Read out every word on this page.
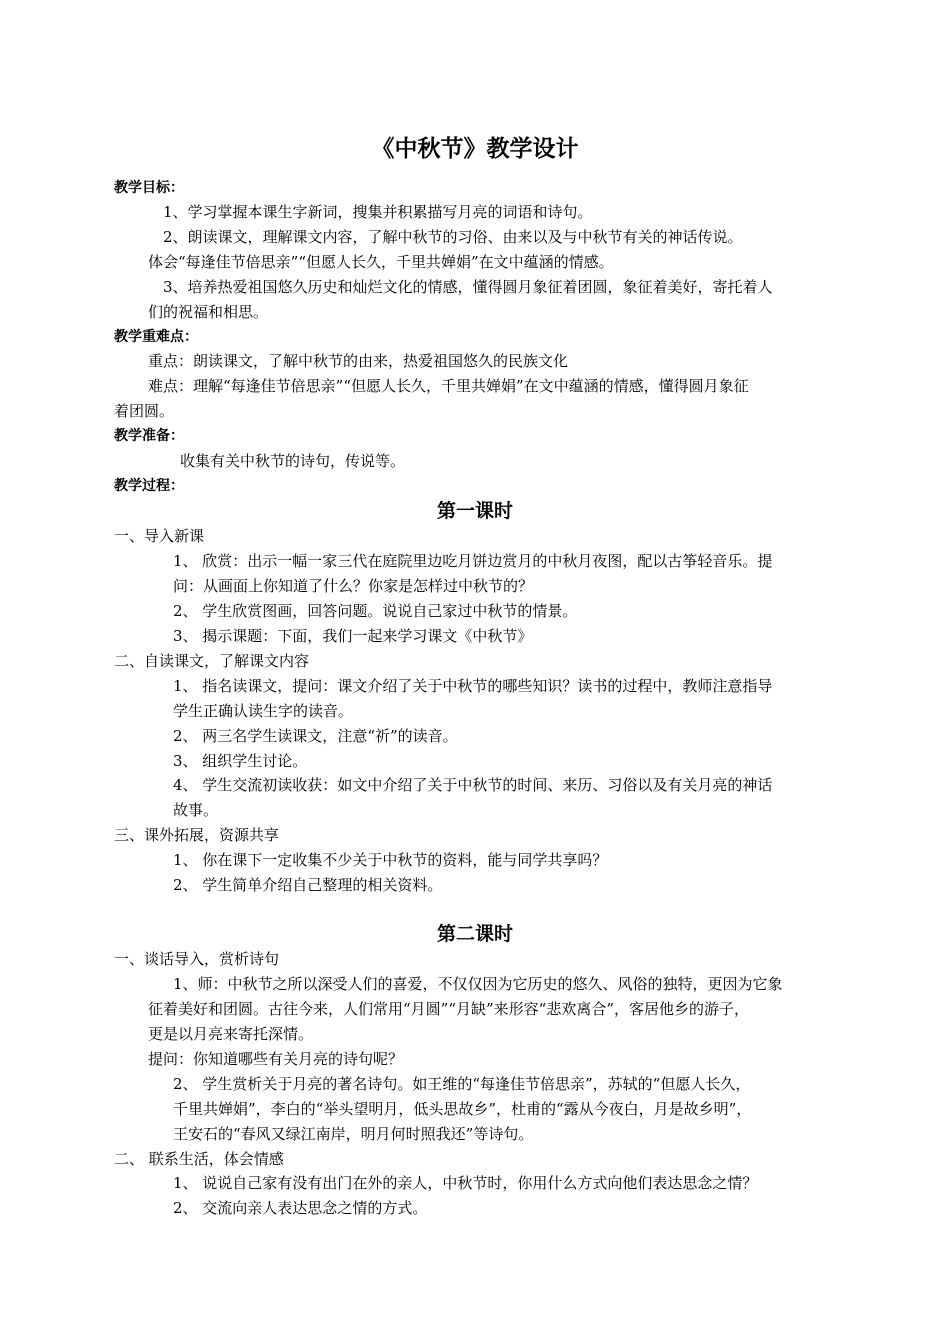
《中秋节》教学设计
教学目标：
1、学习掌握本课生字新词，搜集并积累描写月亮的词语和诗句。
2、朗读课文，理解课文内容，了解中秋节的习俗、由来以及与中秋节有关的神话传说。
体会“每逢佳节倍思亲”“但愿人长久，千里共婵娟”在文中蕴涵的情感。
3、培养热爱祖国悠久历史和灿烂文化的情感，懂得圆月象征着团圆，象征着美好，寄托着人
们的祝福和相思。
教学重难点：
重点：朗读课文，了解中秋节的由来，热爱祖国悠久的民族文化
难点：理解“每逢佳节倍思亲”“但愿人长久，千里共婵娟”在文中蕴涵的情感，懂得圆月象征
着团圆。
教学准备：
收集有关中秋节的诗句，传说等。
教学过程：
第一课时
一、导入新课
1、 欣赏：出示一幅一家三代在庭院里边吃月饼边赏月的中秋月夜图，配以古筝轻音乐。提
问：从画面上你知道了什么？你家是怎样过中秋节的？
2、 学生欣赏图画，回答问题。说说自己家过中秋节的情景。
3、 揭示课题：下面，我们一起来学习课文《中秋节》
二、自读课文，了解课文内容
1、 指名读课文，提问：课文介绍了关于中秋节的哪些知识？读书的过程中，教师注意指导
学生正确认读生字的读音。
2、 两三名学生读课文，注意“祈”的读音。
3、 组织学生讨论。
4、 学生交流初读收获：如文中介绍了关于中秋节的时间、来历、习俗以及有关月亮的神话
故事。
三、课外拓展，资源共享
1、 你在课下一定收集不少关于中秋节的资料，能与同学共享吗？
2、 学生简单介绍自己整理的相关资料。
第二课时
一、谈话导入，赏析诗句
1、师：中秋节之所以深受人们的喜爱，不仅仅因为它历史的悠久、风俗的独特，更因为它象
征着美好和团圆。古往今来，人们常用“月圆”“月缺”来形容“悲欢离合”，客居他乡的游子，
更是以月亮来寄托深情。
提问：你知道哪些有关月亮的诗句呢？
2、 学生赏析关于月亮的著名诗句。如王维的“每逢佳节倍思亲”，苏轼的“但愿人长久，
千里共婵娟”，李白的“举头望明月，低头思故乡”，杜甫的“露从今夜白，月是故乡明”，
王安石的“春风又绿江南岸，明月何时照我还”等诗句。
二、 联系生活，体会情感
1、 说说自己家有没有出门在外的亲人，中秋节时，你用什么方式向他们表达思念之情？
2、 交流向亲人表达思念之情的方式。
